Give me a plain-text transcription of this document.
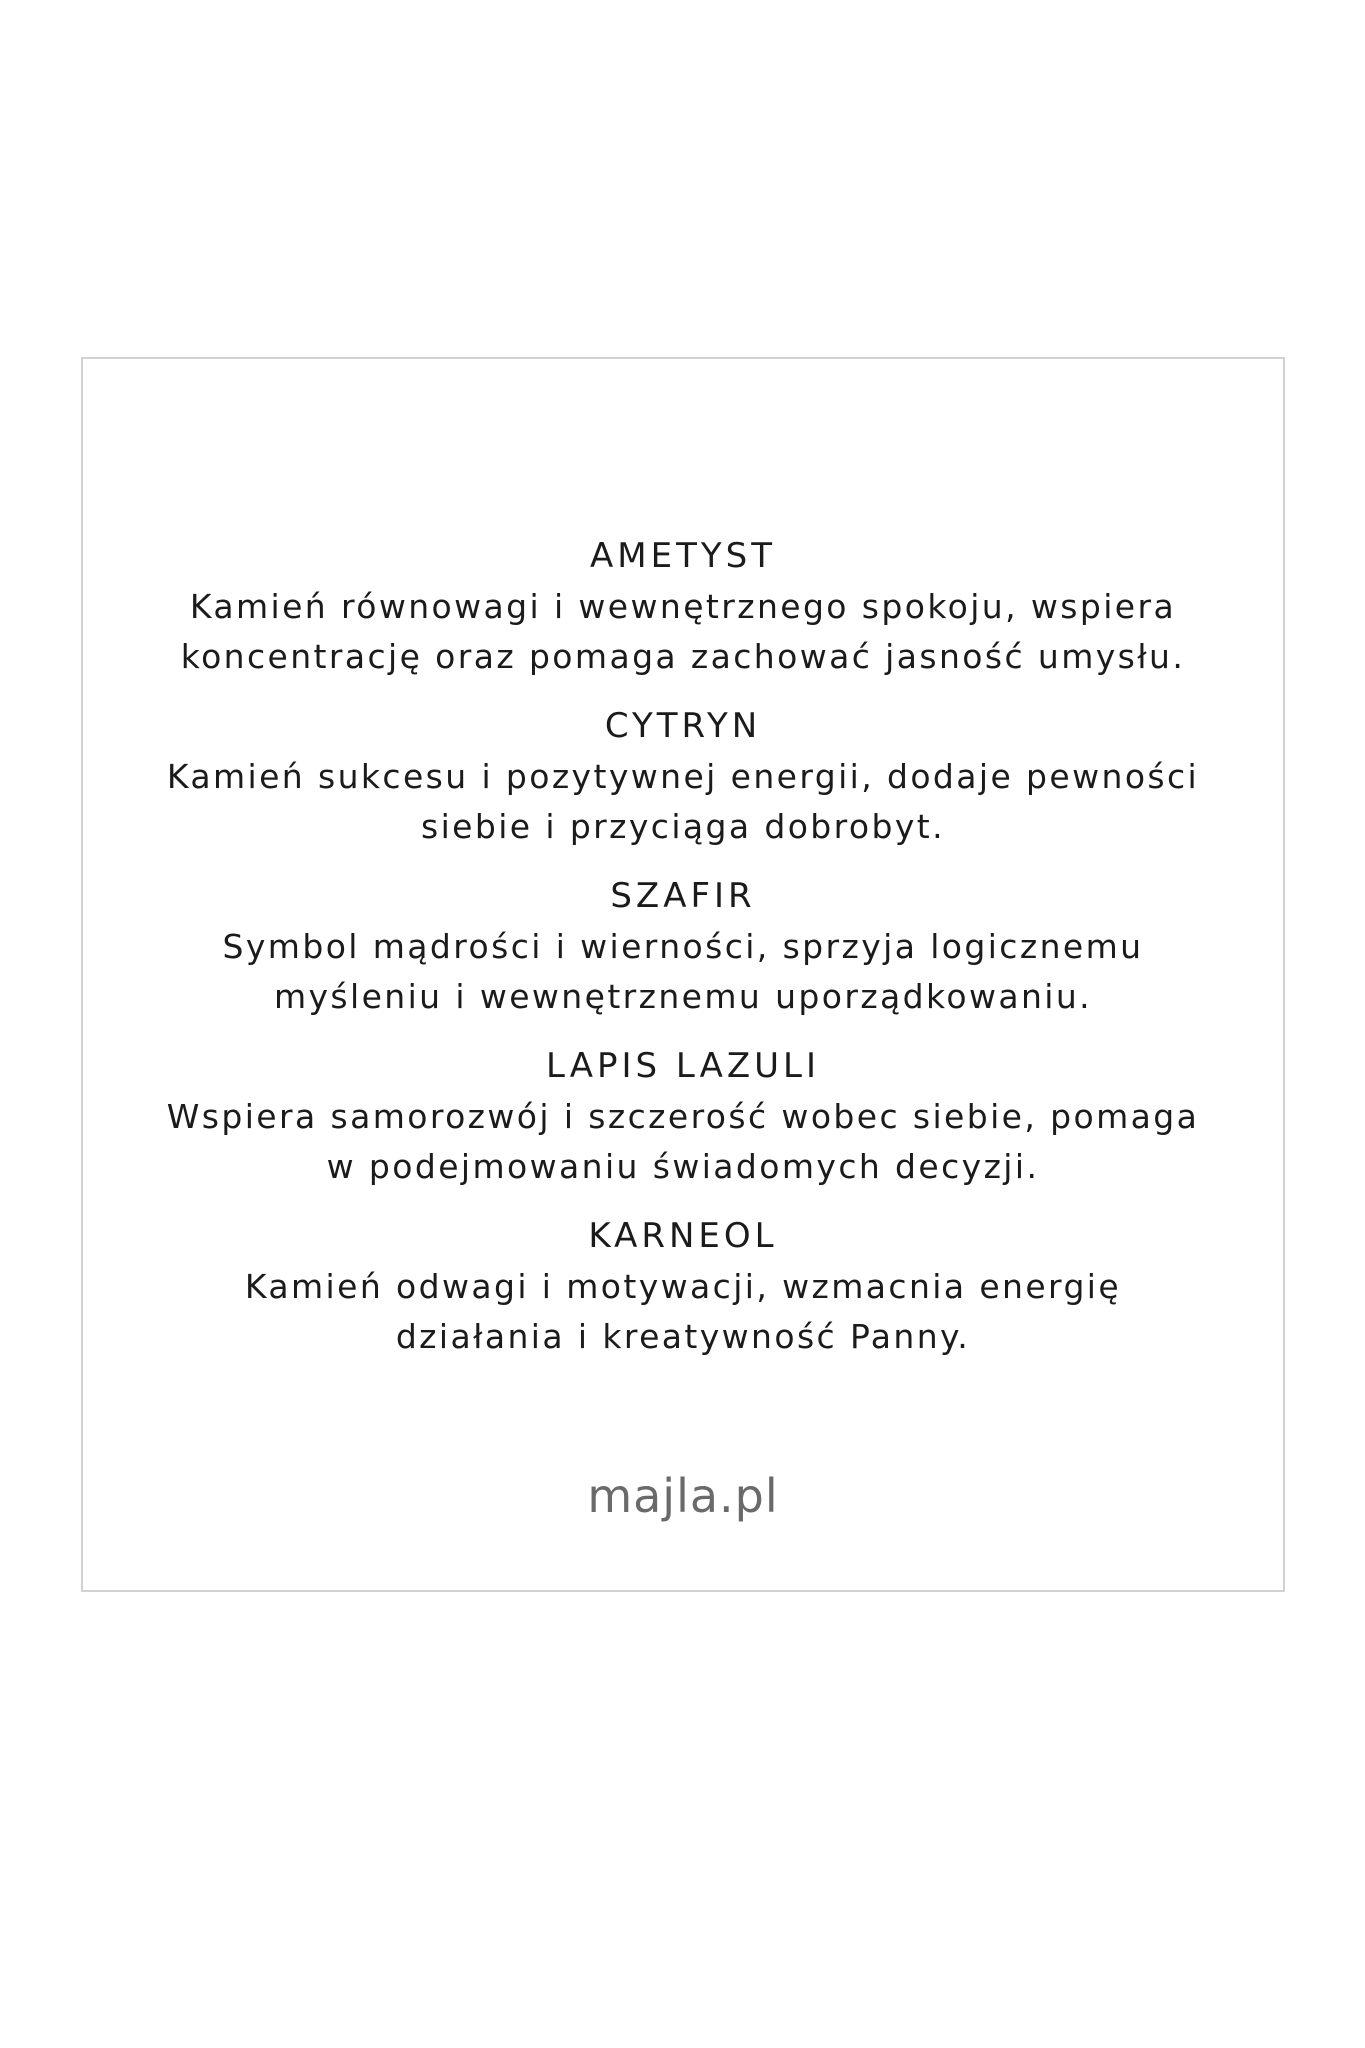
AMETYST

Kamień równowagi i wewnętrznego spokoju, wspiera koncentrację oraz pomaga zachować jasność umysłu.

CYTRYN

Kamień sukcesu i pozytywnej energii, dodaje pewności siebie i przyciąga dobrobyt.

SZAFIR

Symbol mądrości i wierności, sprzyja logicznemu myśleniu i wewnętrznemu uporządkowaniu.

LAPIS LAZULI

Wspiera samorozwój i szczerość wobec siebie, pomaga w podejmowaniu świadomych decyzji.

KARNEOL

Kamień odwagi i motywacji, wzmacnia energię działania i kreatywność Panny.

majla.pl
